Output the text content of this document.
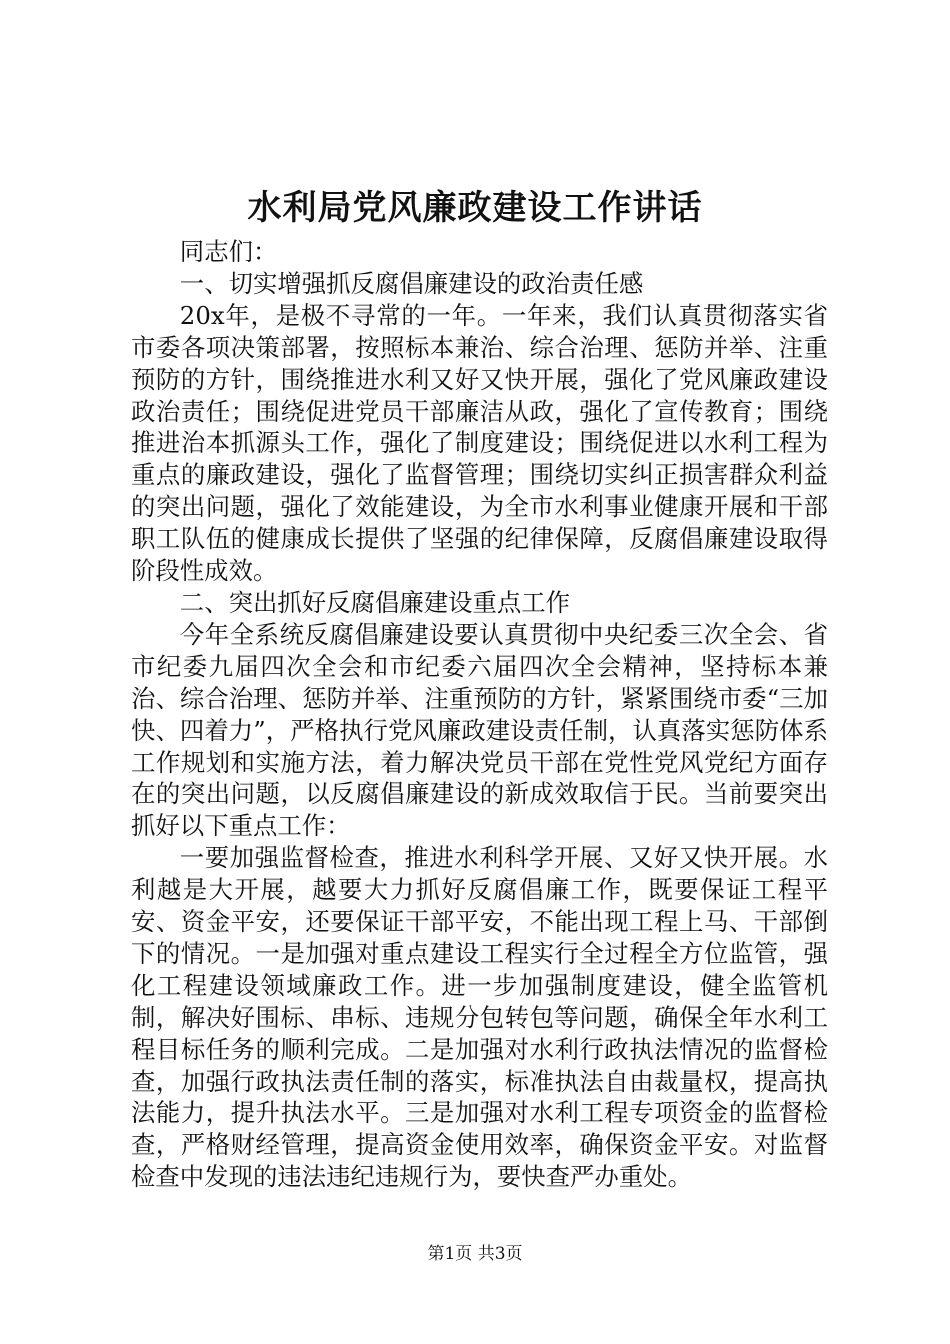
水利局党风廉政建设工作讲话

同志们：

一、切实增强抓反腐倡廉建设的政治责任感

20x年，是极不寻常的一年。一年来，我们认真贯彻落实省市委各项决策部署，按照标本兼治、综合治理、惩防并举、注重预防的方针，围绕推进水利又好又快开展，强化了党风廉政建设政治责任；围绕促进党员干部廉洁从政，强化了宣传教育；围绕推进治本抓源头工作，强化了制度建设；围绕促进以水利工程为重点的廉政建设，强化了监督管理；围绕切实纠正损害群众利益的突出问题，强化了效能建设，为全市水利事业健康开展和干部职工队伍的健康成长提供了坚强的纪律保障，反腐倡廉建设取得阶段性成效。

二、突出抓好反腐倡廉建设重点工作

今年全系统反腐倡廉建设要认真贯彻中央纪委三次全会、省市纪委九届四次全会和市纪委六届四次全会精神，坚持标本兼治、综合治理、惩防并举、注重预防的方针，紧紧围绕市委“三加快、四着力”，严格执行党风廉政建设责任制，认真落实惩防体系工作规划和实施方法，着力解决党员干部在党性党风党纪方面存在的突出问题，以反腐倡廉建设的新成效取信于民。当前要突出抓好以下重点工作：

一要加强监督检查，推进水利科学开展、又好又快开展。水利越是大开展，越要大力抓好反腐倡廉工作，既要保证工程平安、资金平安，还要保证干部平安，不能出现工程上马、干部倒下的情况。一是加强对重点建设工程实行全过程全方位监管，强化工程建设领域廉政工作。进一步加强制度建设，健全监管机制，解决好围标、串标、违规分包转包等问题，确保全年水利工程目标任务的顺利完成。二是加强对水利行政执法情况的监督检查，加强行政执法责任制的落实，标准执法自由裁量权，提高执法能力，提升执法水平。三是加强对水利工程专项资金的监督检查，严格财经管理，提高资金使用效率，确保资金平安。对监督检查中发现的违法违纪违规行为，要快查严办重处。

第1页 共3页
